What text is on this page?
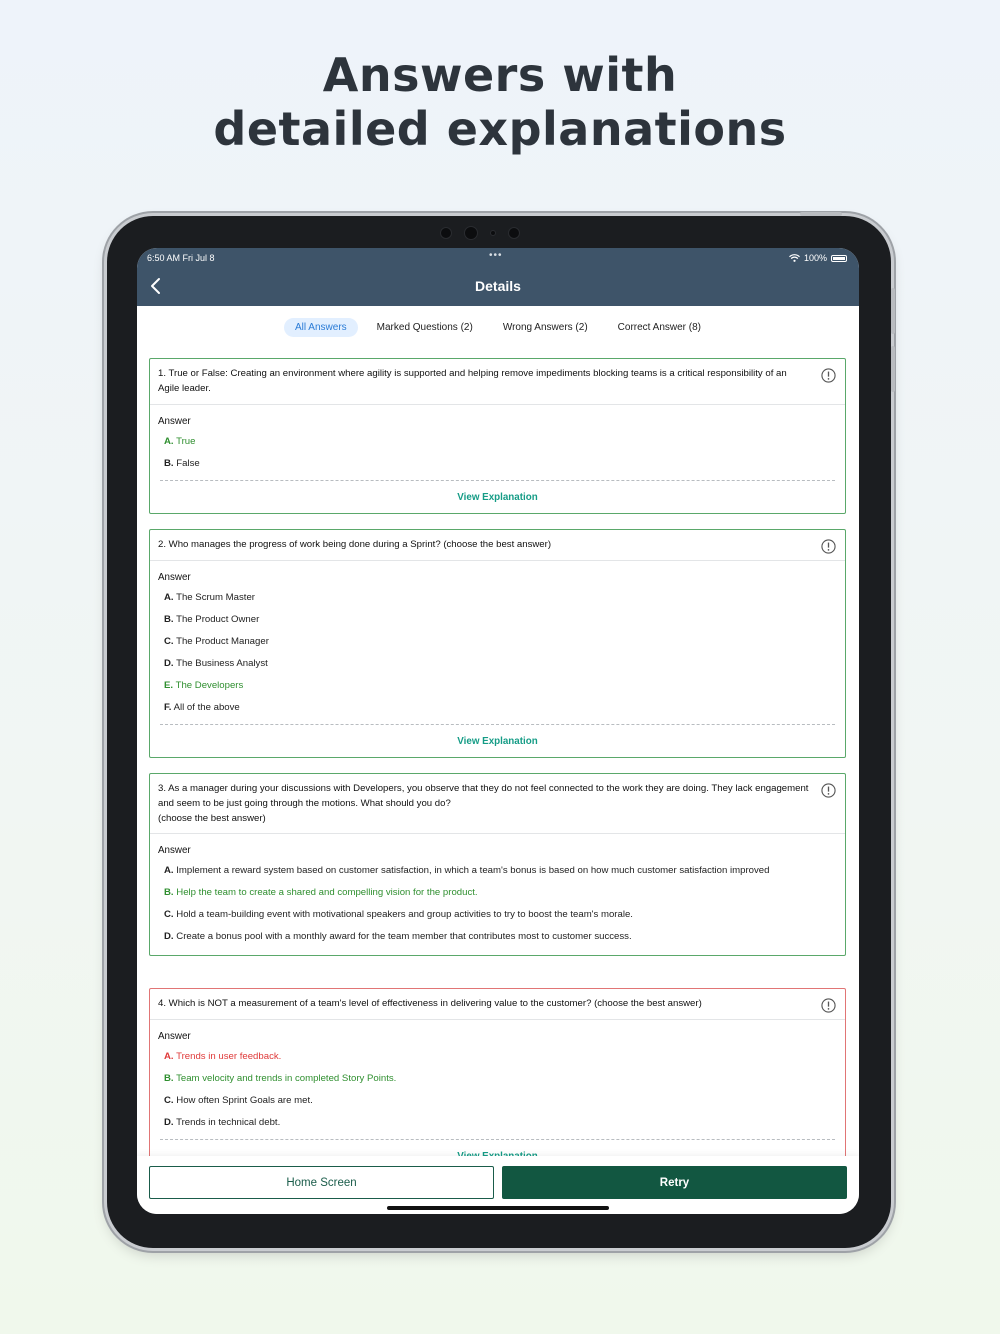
Answers with
detailed explanations
6:50 AM Fri Jul 8	•••	100%
Details
All Answers	Marked Questions (2)	Wrong Answers (2)	Correct Answer (8)
1. True or False: Creating an environment where agility is supported and helping remove impediments blocking teams is a critical responsibility of an Agile leader.
Answer
A. True
B. False
View Explanation
2. Who manages the progress of work being done during a Sprint? (choose the best answer)
Answer
A. The Scrum Master
B. The Product Owner
C. The Product Manager
D. The Business Analyst
E. The Developers
F. All of the above
View Explanation
3. As a manager during your discussions with Developers, you observe that they do not feel connected to the work they are doing. They lack engagement and seem to be just going through the motions. What should you do?
(choose the best answer)
Answer
A. Implement a reward system based on customer satisfaction, in which a team's bonus is based on how much customer satisfaction improved
B. Help the team to create a shared and compelling vision for the product.
C. Hold a team-building event with motivational speakers and group activities to try to boost the team's morale.
D. Create a bonus pool with a monthly award for the team member that contributes most to customer success.
4. Which is NOT a measurement of a team's level of effectiveness in delivering value to the customer? (choose the best answer)
Answer
A. Trends in user feedback.
B. Team velocity and trends in completed Story Points.
C. How often Sprint Goals are met.
D. Trends in technical debt.
Home Screen	Retry
